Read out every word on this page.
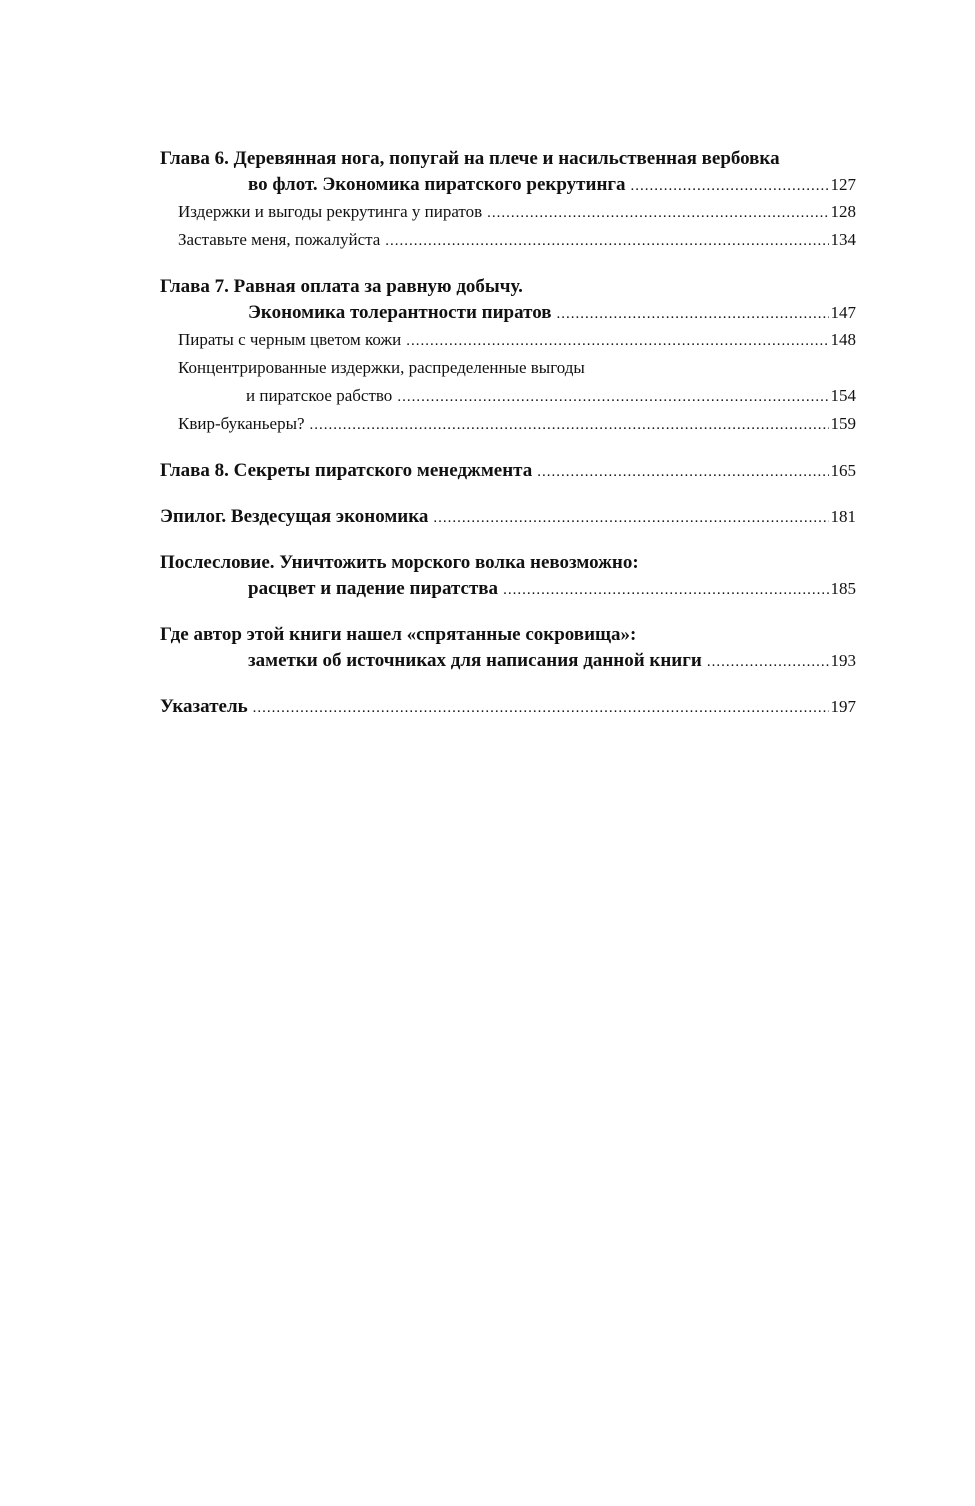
Глава 6. Деревянная нога, попугай на плече и насильственная вербовка
во флот. Экономика пиратского рекрутинга .....	127
Издержки и выгоды рекрутинга у пиратов .....	128
Заставьте меня, пожалуйста .....	134
Глава 7. Равная оплата за равную добычу.
Экономика толерантности пиратов .....	147
Пираты с черным цветом кожи .....	148
Концентрированные издержки, распределенные выгоды
и пиратское рабство .....	154
Квир-буканьеры? .....	159
Глава 8. Секреты пиратского менеджмента .....	165
Эпилог. Вездесущая экономика .....	181
Послесловие. Уничтожить морского волка невозможно:
расцвет и падение пиратства .....	185
Где автор этой книги нашел «спрятанные сокровища»:
заметки об источниках для написания данной книги .....	193
Указатель .....	197
